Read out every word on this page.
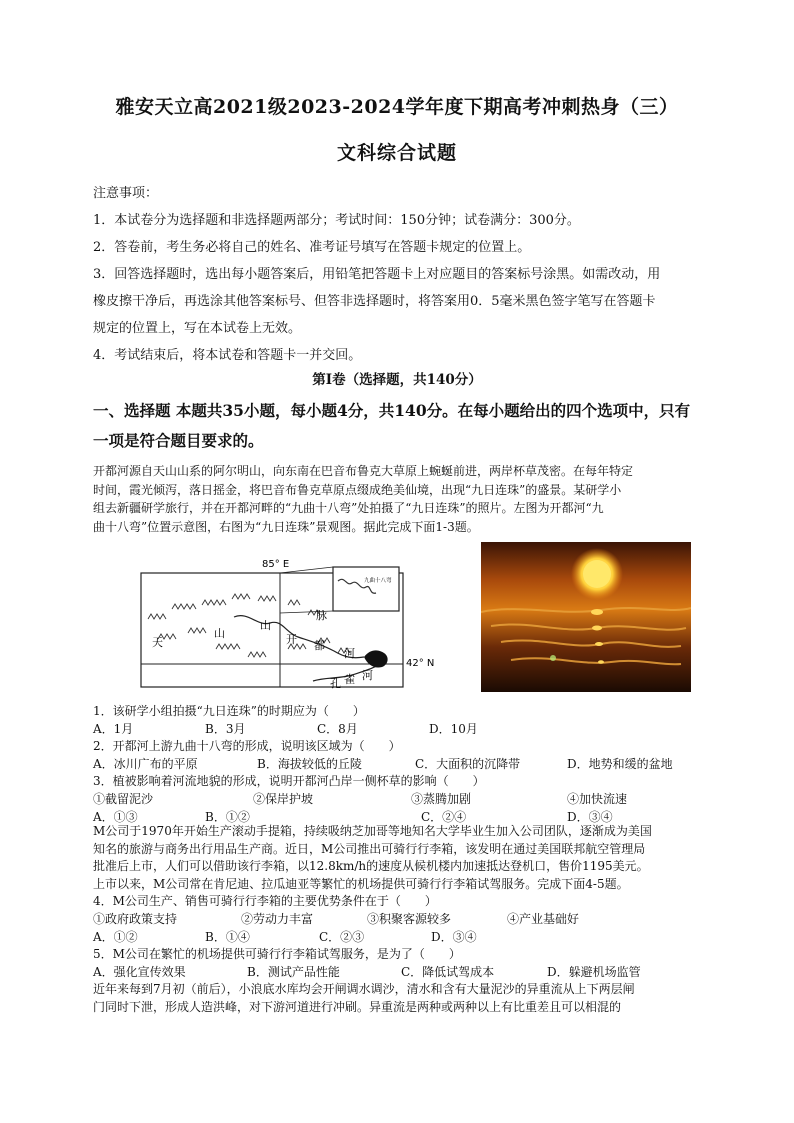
雅安天立高2021级2023-2024学年度下期高考冲刺热身（三）
文科综合试题

注意事项：

1．本试卷分为选择题和非选择题两部分；考试时间：150分钟；试卷满分：300分。

2．答卷前，考生务必将自己的姓名、准考证号填写在答题卡规定的位置上。

3．回答选择题时，选出每小题答案后，用铅笔把答题卡上对应题目的答案标号涂黑。如需改动，用

橡皮擦干净后，再选涂其他答案标号、但答非选择题时，将答案用0．5毫米黑色签字笔写在答题卡

规定的位置上，写在本试卷上无效。

4．考试结束后，将本试卷和答题卡一并交回。

第Ⅰ卷（选择题，共140分）
一、选择题 本题共35小题，每小题4分，共140分。在每小题给出的四个选项中，只有
一项是符合题目要求的。

开都河源自天山山系的阿尔明山，向东南在巴音布鲁克大草原上蜿蜒前进，两岸杯草茂密。在每年特定

时间，霞光倾泻，落日摇金，将巴音布鲁克草原点缀成绝美仙境，出现“九日连珠”的盛景。某研学小

组去新疆研学旅行，并在开都河畔的“九曲十八弯”处拍摄了“九日连珠”的照片。左图为开都河“九

曲十八弯”位置示意图，右图为“九日连珠”景观图。据此完成下面1-3题。

九曲十八弯
85° E
42° N
天
山
山
开 都
河
脉
孔 雀 河
1．该研学小组拍摄“九日连珠”的时期应为（　　）
A．1月	B．3月	C．8月	D．10月
2．开都河上游九曲十八弯的形成，说明该区域为（　　）
A．冰川广布的平原	B．海拔较低的丘陵	C．大面积的沉降带	D．地势和缓的盆地
3．植被影响着河流地貌的形成，说明开都河凸岸一侧杯草的影响（　　）
①截留泥沙	②保岸护坡	③蒸腾加剧	④加快流速
A．①③	B．①②	C．②④	D．③④
M公司于1970年开始生产滚动手提箱，持续吸纳芝加哥等地知名大学毕业生加入公司团队，逐渐成为美国
知名的旅游与商务出行用品生产商。近日，M公司推出可骑行行李箱，该发明在通过美国联邦航空管理局
批准后上市，人们可以借助该行李箱，以12.8km/h的速度从候机楼内加速抵达登机口，售价1195美元。
上市以来，M公司常在肯尼迪、拉瓜迪亚等繁忙的机场提供可骑行行李箱试驾服务。完成下面4-5题。
4．M公司生产、销售可骑行行李箱的主要优势条件在于（　　）
①政府政策支持	②劳动力丰富	③积聚客源较多	④产业基础好
A．①②	B．①④	C．②③	D．③④
5．M公司在繁忙的机场提供可骑行行李箱试驾服务，是为了（　　）
A．强化宣传效果	B．测试产品性能	C．降低试驾成本	D．躲避机场监管
近年来每到7月初（前后），小浪底水库均会开闸调水调沙，清水和含有大量泥沙的异重流从上下两层闸
门同时下泄，形成人造洪峰，对下游河道进行冲刷。异重流是两种或两种以上有比重差且可以相混的
